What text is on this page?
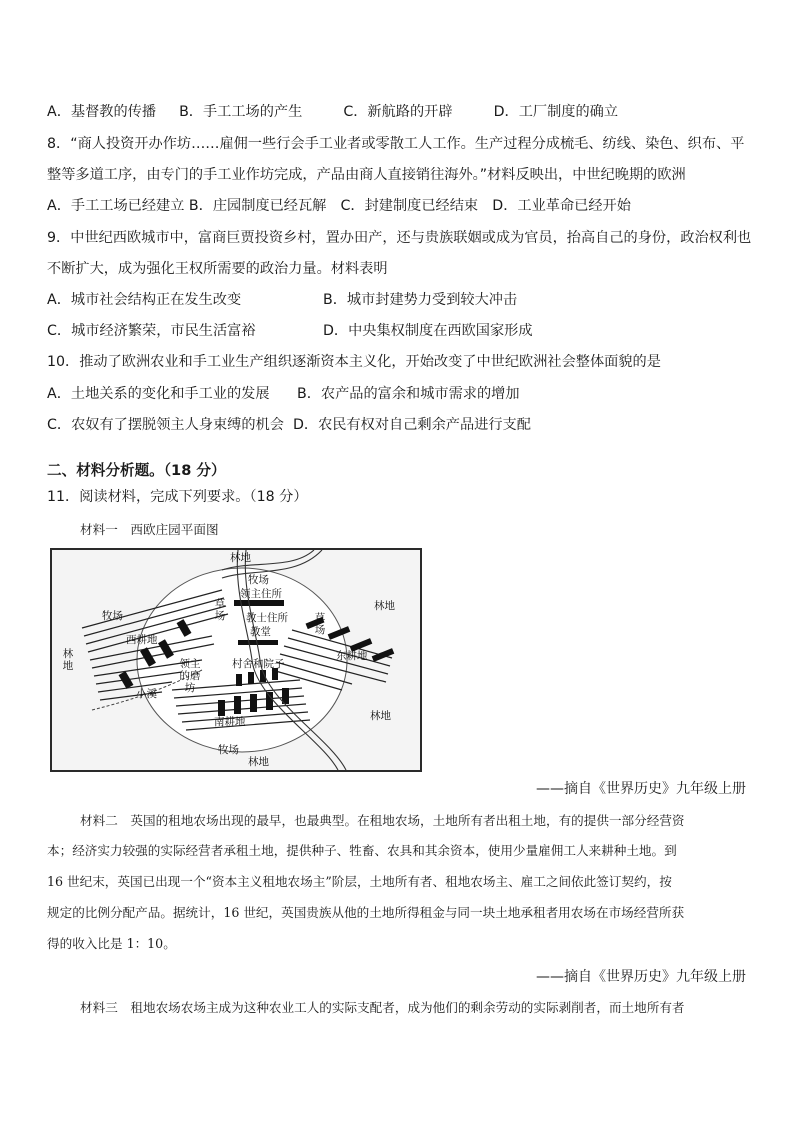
A．基督教的传播 B．手工工场的产生	C．新航路的开辟	D．工厂制度的确立
8．“商人投资开办作坊……雇佣一些行会手工业者或零散工人工作。生产过程分成梳毛、纺线、染色、织布、平
整等多道工序，由专门的手工业作坊完成，产品由商人直接销往海外。”材料反映出，中世纪晚期的欧洲
A．手工工场已经建立 B．庄园制度已经瓦解　C．封建制度已经结束　D．工业革命已经开始
9．中世纪西欧城市中，富商巨贾投资乡村，置办田产，还与贵族联姻或成为官员，抬高自己的身份，政治权利也
不断扩大，成为强化王权所需要的政治力量。材料表明
A．城市社会结构正在发生改变	B．城市封建势力受到较大冲击
C．城市经济繁荣，市民生活富裕	D．中央集权制度在西欧国家形成
10．推动了欧洲农业和手工业生产组织逐渐资本主义化，开始改变了中世纪欧洲社会整体面貌的是
A．土地关系的变化和手工业的发展 B．农产品的富余和城市需求的增加
C．农奴有了摆脱领主人身束缚的机会 D．农民有权对自己剩余产品进行支配
二、材料分析题。（18 分）
11．阅读材料，完成下列要求。（18 分）
材料一　西欧庄园平面图
林地
牧场
领主住所
教士住所
教堂
草场	草场
林地
牧场
西耕地
林地	领主的磨坊
村舍和院子
东耕地
小溪
南耕地	林地
牧场
林地
——摘自《世界历史》九年级上册
材料二　英国的租地农场出现的最早，也最典型。在租地农场，土地所有者出租土地，有的提供一部分经营资
本；经济实力较强的实际经营者承租土地，提供种子、牲畜、农具和其余资本，使用少量雇佣工人来耕种土地。到
16 世纪末，英国已出现一个“资本主义租地农场主”阶层，土地所有者、租地农场主、雇工之间依此签订契约，按
规定的比例分配产品。据统计，16 世纪，英国贵族从他的土地所得租金与同一块土地承租者用农场在市场经营所获
得的收入比是 1：10。
——摘自《世界历史》九年级上册
材料三　租地农场农场主成为这种农业工人的实际支配者，成为他们的剩余劳动的实际剥削者，而土地所有者
